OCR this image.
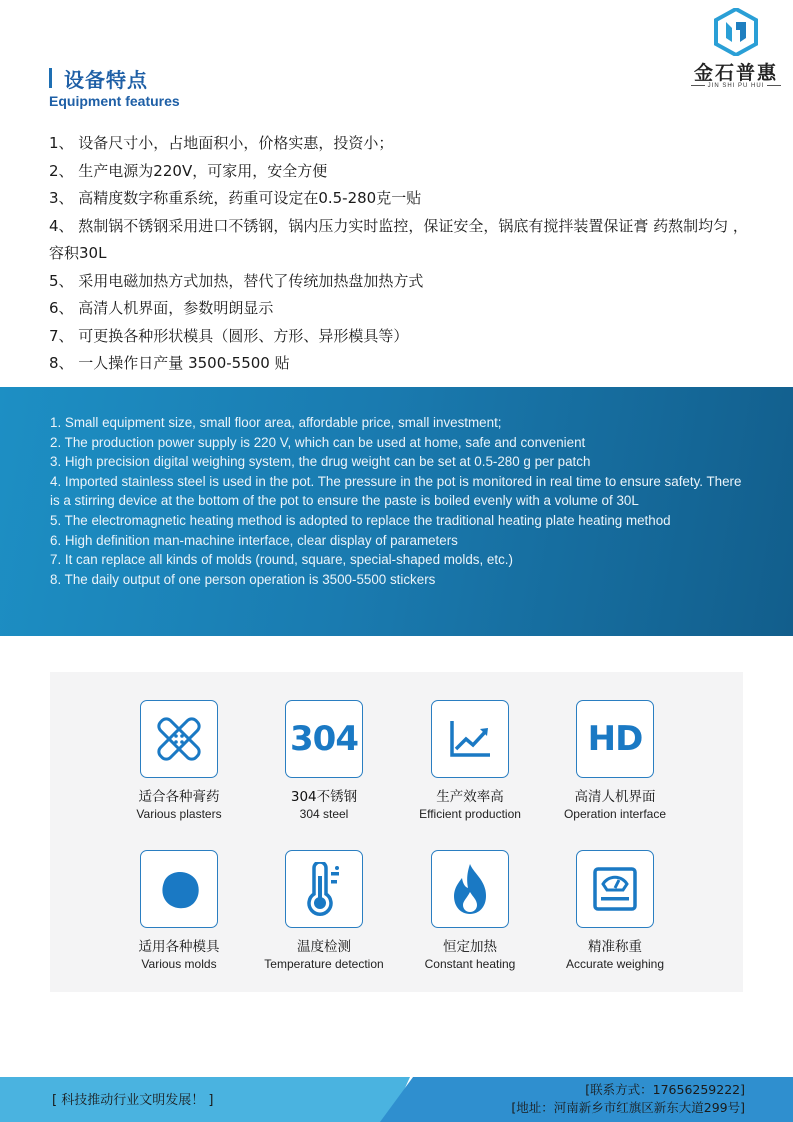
设备特点
Equipment features
金石普惠
JIN SHI PU HUI
1、 设备尺寸小，占地面积小，价格实惠，投资小；
2、 生产电源为220V，可家用，安全方便
3、 高精度数字称重系统，药重可设定在0.5-280克一贴
4、 熬制锅不锈钢采用进口不锈钢，锅内压力实时监控，保证安全，锅底有搅拌装置保证膏 药熬制均匀 ，容积30L
5、 采用电磁加热方式加热，替代了传统加热盘加热方式
6、 高清人机界面，参数明朗显示
7、 可更换各种形状模具（圆形、方形、异形模具等）
8、 一人操作日产量 3500-5500 贴
1. Small equipment size, small floor area, affordable price, small investment;
2. The production power supply is 220 V, which can be used at home, safe and convenient
3. High precision digital weighing system, the drug weight can be set at 0.5-280 g per patch
4. Imported stainless steel is used in the pot. The pressure in the pot is monitored in real time to ensure safety. There is a stirring device at the bottom of the pot to ensure the paste is boiled evenly with a volume of 30L
5. The electromagnetic heating method is adopted to replace the traditional heating plate heating method
6. High definition man-machine interface, clear display of parameters
7. It can replace all kinds of molds (round, square, special-shaped molds, etc.)
8. The daily output of one person operation is 3500-5500 stickers
适合各种膏药
Various plasters
304
304不锈钢
304 steel
生产效率高
Efficient production
HD
高清人机界面
Operation interface
适用各种模具
Various molds
温度检测
Temperature detection
恒定加热
Constant heating
精准称重
Accurate weighing
[ 科技推动行业文明发展！ ]
[联系方式：17656259222]
[地址：河南新乡市红旗区新东大道299号]
